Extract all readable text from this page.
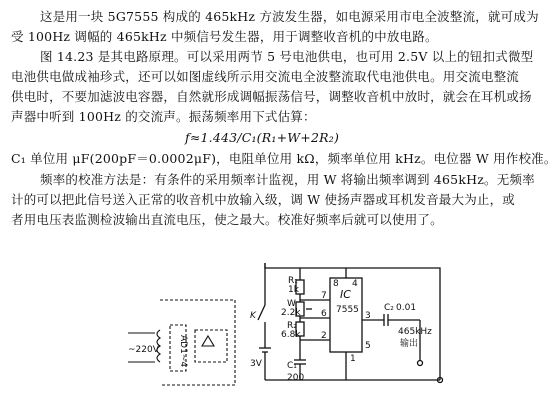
这是用一块 5G7555 构成的 465kHz 方波发生器，如电源采用市电全波整流，就可成为
受 100Hz 调幅的 465kHz 中频信号发生器，用于调整收音机的中放电路。
图 14.23 是其电路原理。可以采用两节 5 号电池供电，也可用 2.5V 以上的钮扣式微型
电池供电做成袖珍式，还可以如图虚线所示用交流电全波整流取代电池供电。用交流电整流
供电时，不要加滤波电容器，自然就形成调幅振荡信号，调整收音机中放时，就会在耳机或扬
声器中听到 100Hz 的交流声。振荡频率用下式估算：
f≈1.443/C₁(R₁+W+2R₂)
C₁ 单位用 μF(200pF＝0.0002μF)，电阻单位用 kΩ，频率单位用 kHz。电位器 W 用作校准。
频率的校准方法是：有条件的采用频率计监视，用 W 将输出频率调到 465kHz。无频率
计的可以把此信号送入正常的收音机中放输入级，调 W 使扬声器或耳机发音最大为止，或
者用电压表监测检波输出直流电压，使之最大。校准好频率后就可以使用了。
R₁
1k
W
2.2k
R₂
6.8k
C₁
200
IC
7555	C₂ 0.01
K
3V
~220V AD1~4
465kHz
输出
8 4
7
3
6
2
1
5
